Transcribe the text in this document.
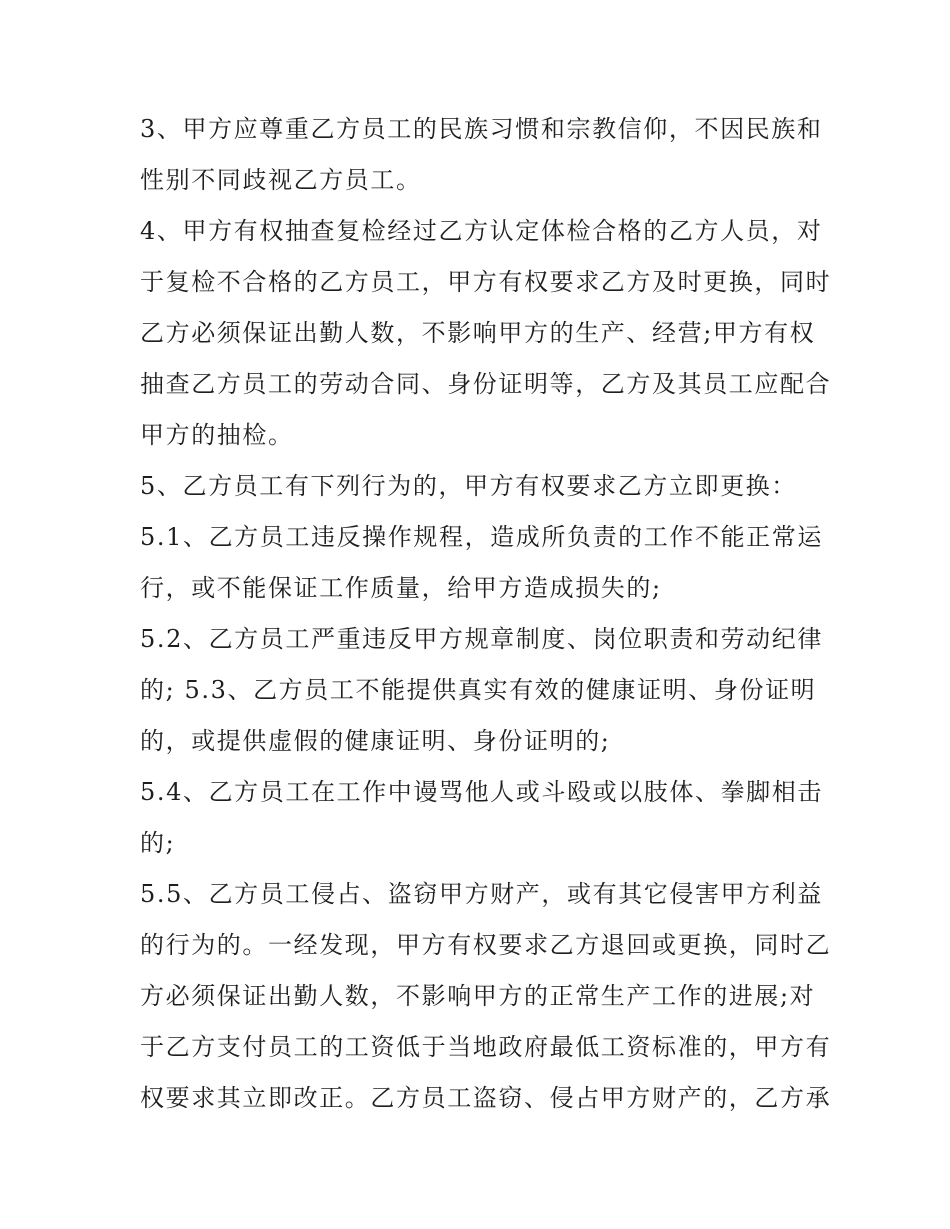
3、甲方应尊重乙方员工的民族习惯和宗教信仰，不因民族和
性别不同歧视乙方员工。
4、甲方有权抽查复检经过乙方认定体检合格的乙方人员，对
于复检不合格的乙方员工，甲方有权要求乙方及时更换，同时
乙方必须保证出勤人数，不影响甲方的生产、经营;甲方有权
抽查乙方员工的劳动合同、身份证明等，乙方及其员工应配合
甲方的抽检。
5、乙方员工有下列行为的，甲方有权要求乙方立即更换：
5.1、乙方员工违反操作规程，造成所负责的工作不能正常运
行，或不能保证工作质量，给甲方造成损失的;
5.2、乙方员工严重违反甲方规章制度、岗位职责和劳动纪律
的; 5.3、乙方员工不能提供真实有效的健康证明、身份证明
的，或提供虚假的健康证明、身份证明的;
5.4、乙方员工在工作中谩骂他人或斗殴或以肢体、拳脚相击
的;
5.5、乙方员工侵占、盗窃甲方财产，或有其它侵害甲方利益
的行为的。一经发现，甲方有权要求乙方退回或更换，同时乙
方必须保证出勤人数，不影响甲方的正常生产工作的进展;对
于乙方支付员工的工资低于当地政府最低工资标准的，甲方有
权要求其立即改正。乙方员工盗窃、侵占甲方财产的，乙方承
